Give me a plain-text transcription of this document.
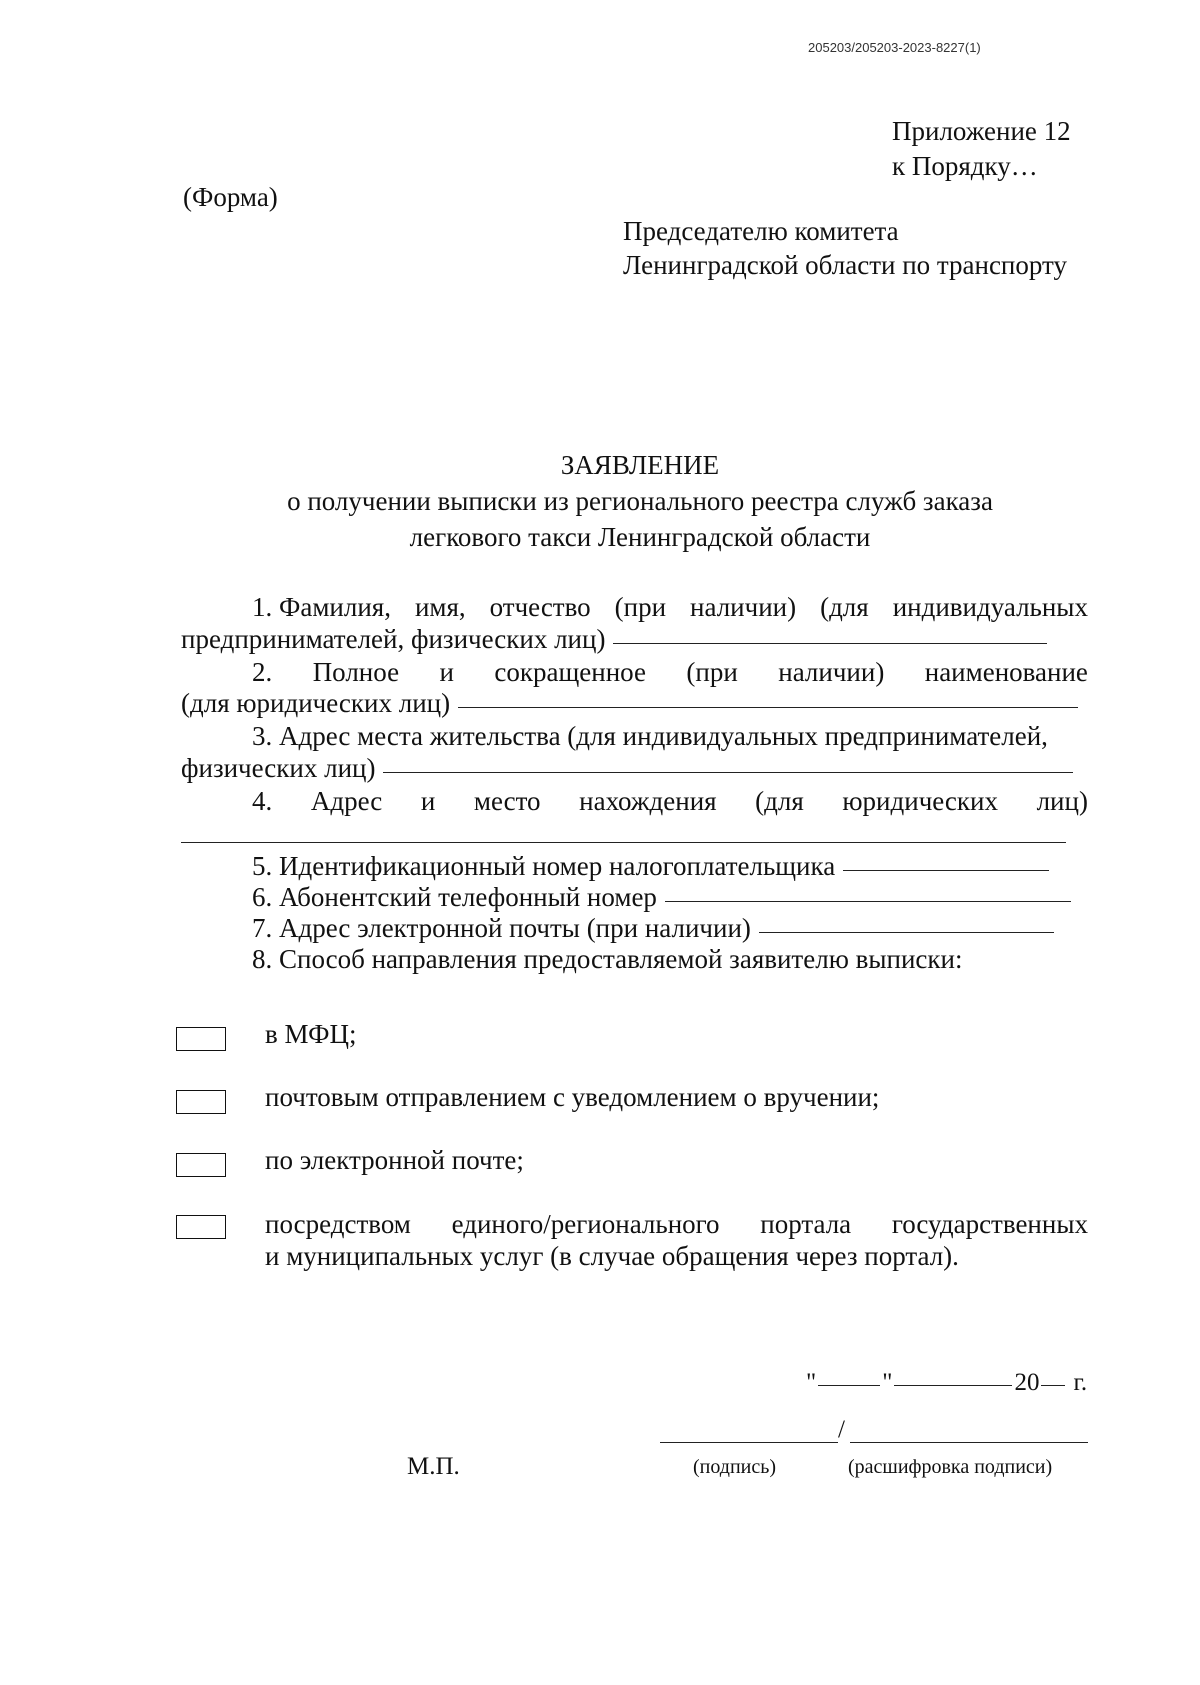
205203/205203-2023-8227(1)
Приложение 12
к Порядку…
(Форма)
Председателю комитета
Ленинградской области по транспорту
ЗАЯВЛЕНИЕ
о получении выписки из регионального реестра служб заказа
легкового такси Ленинградской области
1. Фамилия, имя, отчество (при наличии) (для индивидуальных
предпринимателей, физических лиц)
2. Полное и сокращенное (при наличии) наименование
(для юридических лиц)
3. Адрес места жительства (для индивидуальных предпринимателей,
физических лиц)
4. Адрес и место нахождения (для юридических лиц)
5. Идентификационный номер налогоплательщика
6. Абонентский телефонный номер
7. Адрес электронной почты (при наличии)
8. Способ направления предоставляемой заявителю выписки:
в МФЦ;
почтовым отправлением с уведомлением о вручении;
по электронной почте;
посредством единого/регионального портала государственных
и муниципальных услуг (в случае обращения через портал).
"	"	20 г.
/
М.П.	(подпись)	(расшифровка подписи)
